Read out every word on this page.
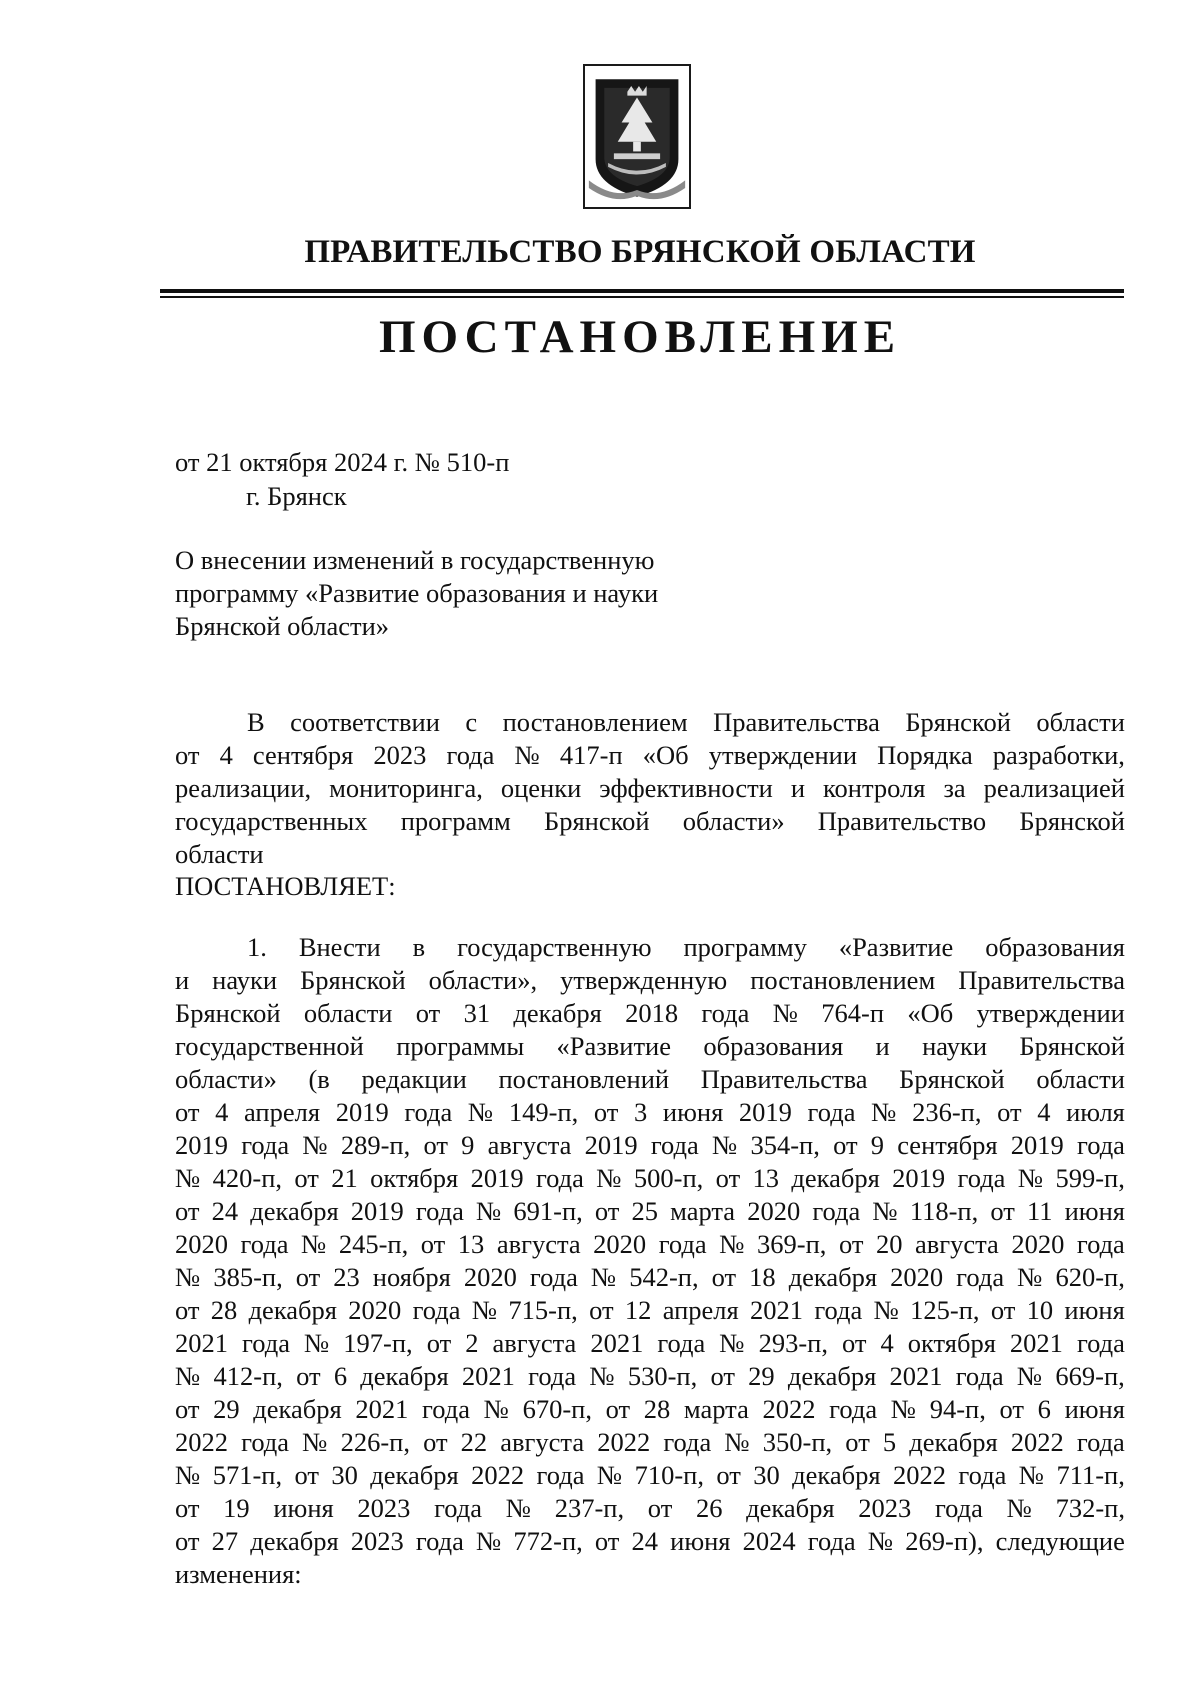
ПРАВИТЕЛЬСТВО БРЯНСКОЙ ОБЛАСТИ
ПОСТАНОВЛЕНИЕ
от 21 октября 2024 г. № 510-п
г. Брянск
О внесении изменений в государственную
программу «Развитие образования и науки
Брянской области»
В соответствии с постановлением Правительства Брянской области
от 4 сентября 2023 года № 417-п «Об утверждении Порядка разработки,
реализации, мониторинга, оценки эффективности и контроля за реализацией
государственных программ Брянской области» Правительство Брянской
области
ПОСТАНОВЛЯЕТ:
1. Внести в государственную программу «Развитие образования
и науки Брянской области», утвержденную постановлением Правительства
Брянской области от 31 декабря 2018 года № 764-п «Об утверждении
государственной программы «Развитие образования и науки Брянской
области» (в редакции постановлений Правительства Брянской области
от 4 апреля 2019 года № 149-п, от 3 июня 2019 года № 236-п, от 4 июля
2019 года № 289-п, от 9 августа 2019 года № 354-п, от 9 сентября 2019 года
№ 420-п, от 21 октября 2019 года № 500-п, от 13 декабря 2019 года № 599-п,
от 24 декабря 2019 года № 691-п, от 25 марта 2020 года № 118-п, от 11 июня
2020 года № 245-п, от 13 августа 2020 года № 369-п, от 20 августа 2020 года
№ 385-п, от 23 ноября 2020 года № 542-п, от 18 декабря 2020 года № 620-п,
от 28 декабря 2020 года № 715-п, от 12 апреля 2021 года № 125-п, от 10 июня
2021 года № 197-п, от 2 августа 2021 года № 293-п, от 4 октября 2021 года
№ 412-п, от 6 декабря 2021 года № 530-п, от 29 декабря 2021 года № 669-п,
от 29 декабря 2021 года № 670-п, от 28 марта 2022 года № 94-п, от 6 июня
2022 года № 226-п, от 22 августа 2022 года № 350-п, от 5 декабря 2022 года
№ 571-п, от 30 декабря 2022 года № 710-п, от 30 декабря 2022 года № 711-п,
от 19 июня 2023 года № 237-п, от 26 декабря 2023 года № 732-п,
от 27 декабря 2023 года № 772-п, от 24 июня 2024 года № 269-п), следующие
изменения:
